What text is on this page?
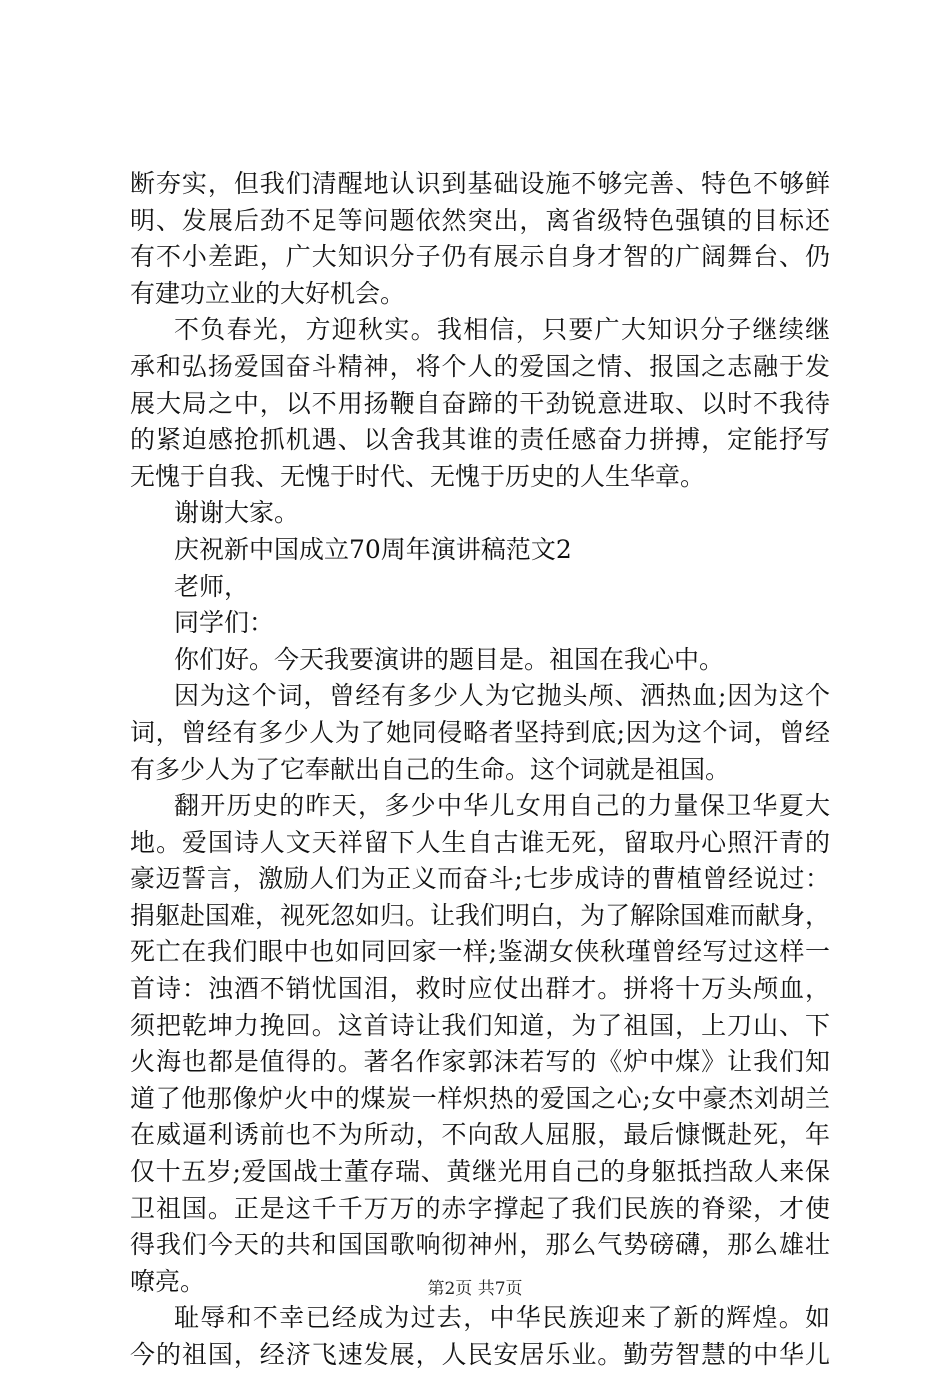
断夯实，但我们清醒地认识到基础设施不够完善、特色不够鲜
明、发展后劲不足等问题依然突出，离省级特色强镇的目标还
有不小差距，广大知识分子仍有展示自身才智的广阔舞台、仍
有建功立业的大好机会。
不负春光，方迎秋实。我相信，只要广大知识分子继续继
承和弘扬爱国奋斗精神，将个人的爱国之情、报国之志融于发
展大局之中，以不用扬鞭自奋蹄的干劲锐意进取、以时不我待
的紧迫感抢抓机遇、以舍我其谁的责任感奋力拼搏，定能抒写
无愧于自我、无愧于时代、无愧于历史的人生华章。
谢谢大家。
庆祝新中国成立70周年演讲稿范文2
老师，
同学们：
你们好。今天我要演讲的题目是。祖国在我心中。
因为这个词，曾经有多少人为它抛头颅、洒热血;因为这个
词，曾经有多少人为了她同侵略者坚持到底;因为这个词，曾经
有多少人为了它奉献出自己的生命。这个词就是祖国。
翻开历史的昨天，多少中华儿女用自己的力量保卫华夏大
地。爱国诗人文天祥留下人生自古谁无死，留取丹心照汗青的
豪迈誓言，激励人们为正义而奋斗;七步成诗的曹植曾经说过：
捐躯赴国难，视死忽如归。让我们明白，为了解除国难而献身，
死亡在我们眼中也如同回家一样;鉴湖女侠秋瑾曾经写过这样一
首诗：浊酒不销忧国泪，救时应仗出群才。拼将十万头颅血，
须把乾坤力挽回。这首诗让我们知道，为了祖国，上刀山、下
火海也都是值得的。著名作家郭沫若写的《炉中煤》让我们知
道了他那像炉火中的煤炭一样炽热的爱国之心;女中豪杰刘胡兰
在威逼利诱前也不为所动，不向敌人屈服，最后慷慨赴死，年
仅十五岁;爱国战士董存瑞、黄继光用自己的身躯抵挡敌人来保
卫祖国。正是这千千万万的赤字撑起了我们民族的脊梁，才使
得我们今天的共和国国歌响彻神州，那么气势磅礴，那么雄壮
嘹亮。
耻辱和不幸已经成为过去，中华民族迎来了新的辉煌。如
今的祖国，经济飞速发展，人民安居乐业。勤劳智慧的中华儿
第2页 共7页
